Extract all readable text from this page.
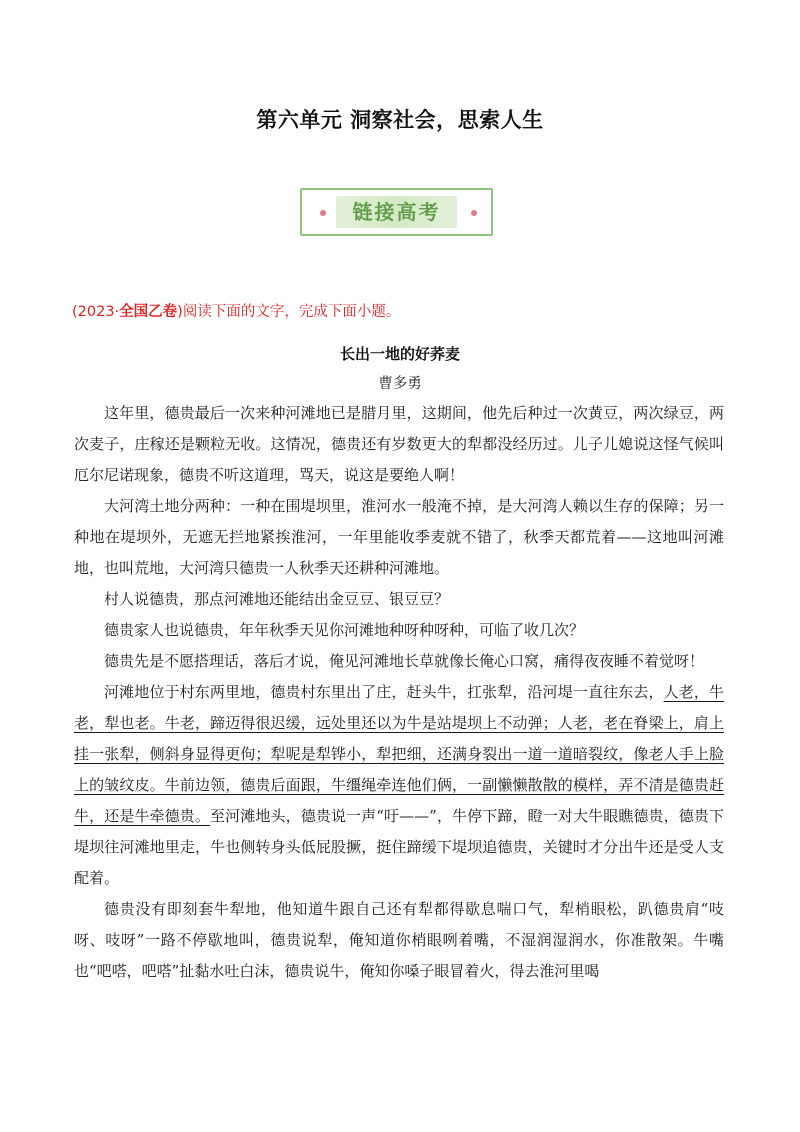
第六单元 洞察社会，思索人生
链接高考
(2023·全国乙卷)阅读下面的文字，完成下面小题。
长出一地的好荞麦
曹多勇

这年里，德贵最后一次来种河滩地已是腊月里，这期间，他先后种过一次黄豆，两次绿豆，两次麦子，庄稼还是颗粒无收。这情况，德贵还有岁数更大的犁都没经历过。儿子儿媳说这怪气候叫厄尔尼诺现象，德贵不听这道理，骂天，说这是要绝人啊！

大河湾土地分两种：一种在围堤坝里，淮河水一般淹不掉，是大河湾人赖以生存的保障；另一种地在堤坝外，无遮无拦地紧挨淮河，一年里能收季麦就不错了，秋季天都荒着——这地叫河滩地，也叫荒地，大河湾只德贵一人秋季天还耕种河滩地。

村人说德贵，那点河滩地还能结出金豆豆、银豆豆？

德贵家人也说德贵，年年秋季天见你河滩地种呀种呀种，可临了收几次？

德贵先是不愿搭理话，落后才说，俺见河滩地长草就像长俺心口窝，痛得夜夜睡不着觉呀！

河滩地位于村东两里地，德贵村东里出了庄，赶头牛，扛张犁，沿河堤一直往东去，人老，牛老，犁也老。牛老，蹄迈得很迟缓，远处里还以为牛是站堤坝上不动弹；人老，老在脊梁上，肩上挂一张犁，侧斜身显得更佝；犁呢是犁铧小，犁把细，还满身裂出一道一道暗裂纹，像老人手上脸上的皱纹皮。牛前边领，德贵后面跟，牛缰绳牵连他们俩，一副懒懒散散的模样，弄不清是德贵赶牛，还是牛牵德贵。至河滩地头，德贵说一声“吁——”，牛停下蹄，瞪一对大牛眼瞧德贵，德贵下堤坝往河滩地里走，牛也侧转身头低屁股撅，挺住蹄缓下堤坝追德贵，关键时才分出牛还是受人支配着。

德贵没有即刻套牛犁地，他知道牛跟自己还有犁都得歇息喘口气，犁梢眼松，趴德贵肩“吱呀、吱呀”一路不停歇地叫，德贵说犁，俺知道你梢眼咧着嘴，不湿润湿润水，你准散架。牛嘴也“吧嗒，吧嗒”扯黏水吐白沫，德贵说牛，俺知你嗓子眼冒着火，得去淮河里喝
